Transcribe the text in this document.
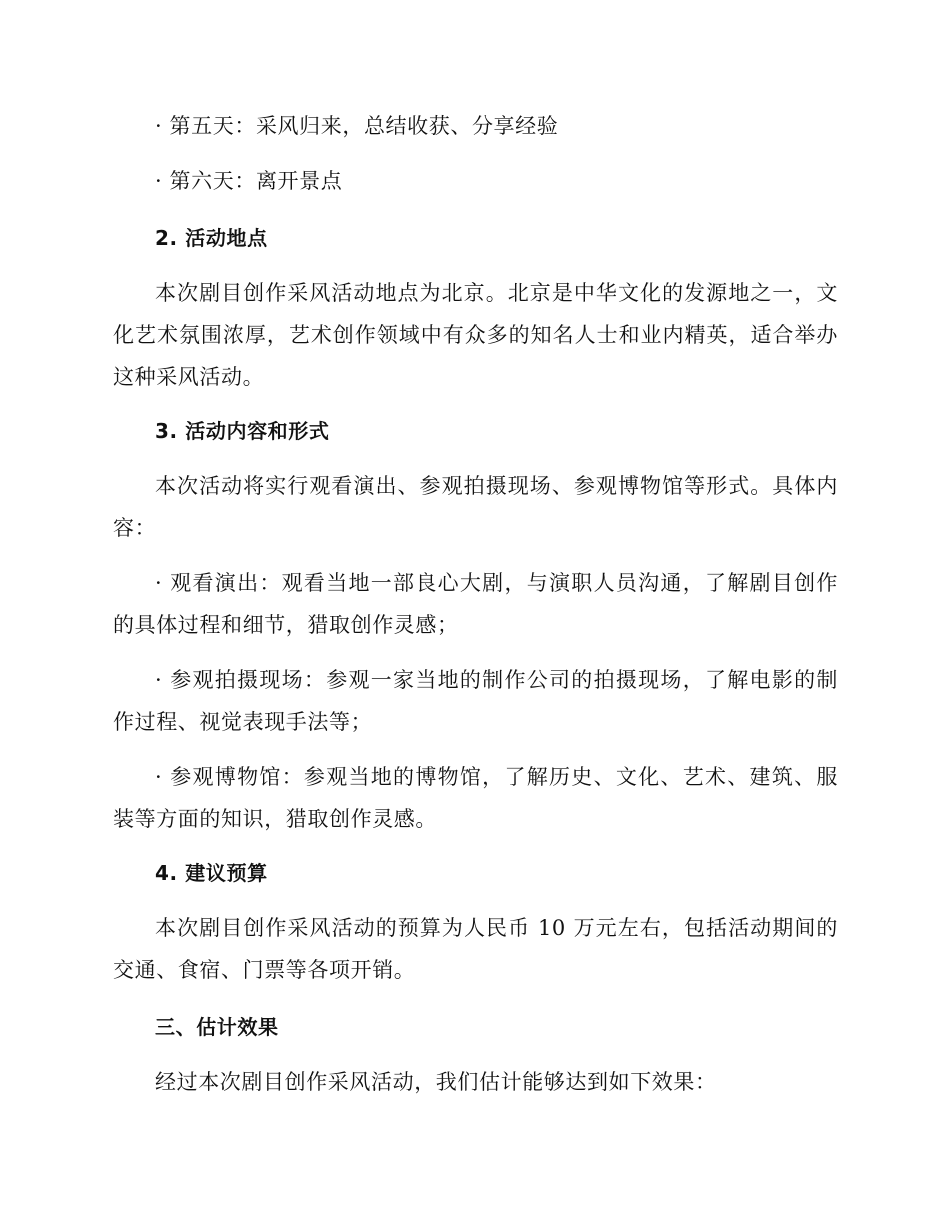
· 第五天：采风归来，总结收获、分享经验
· 第六天：离开景点
2. 活动地点
本次剧目创作采风活动地点为北京。北京是中华文化的发源地之一，文化艺术氛围浓厚，艺术创作领域中有众多的知名人士和业内精英，适合举办这种采风活动。
3. 活动内容和形式
本次活动将实行观看演出、参观拍摄现场、参观博物馆等形式。具体内容：
· 观看演出：观看当地一部良心大剧，与演职人员沟通，了解剧目创作的具体过程和细节，猎取创作灵感；
· 参观拍摄现场：参观一家当地的制作公司的拍摄现场，了解电影的制作过程、视觉表现手法等；
· 参观博物馆：参观当地的博物馆，了解历史、文化、艺术、建筑、服装等方面的知识，猎取创作灵感。
4. 建议预算
本次剧目创作采风活动的预算为人民币 10 万元左右，包括活动期间的交通、食宿、门票等各项开销。
三、估计效果
经过本次剧目创作采风活动，我们估计能够达到如下效果：
